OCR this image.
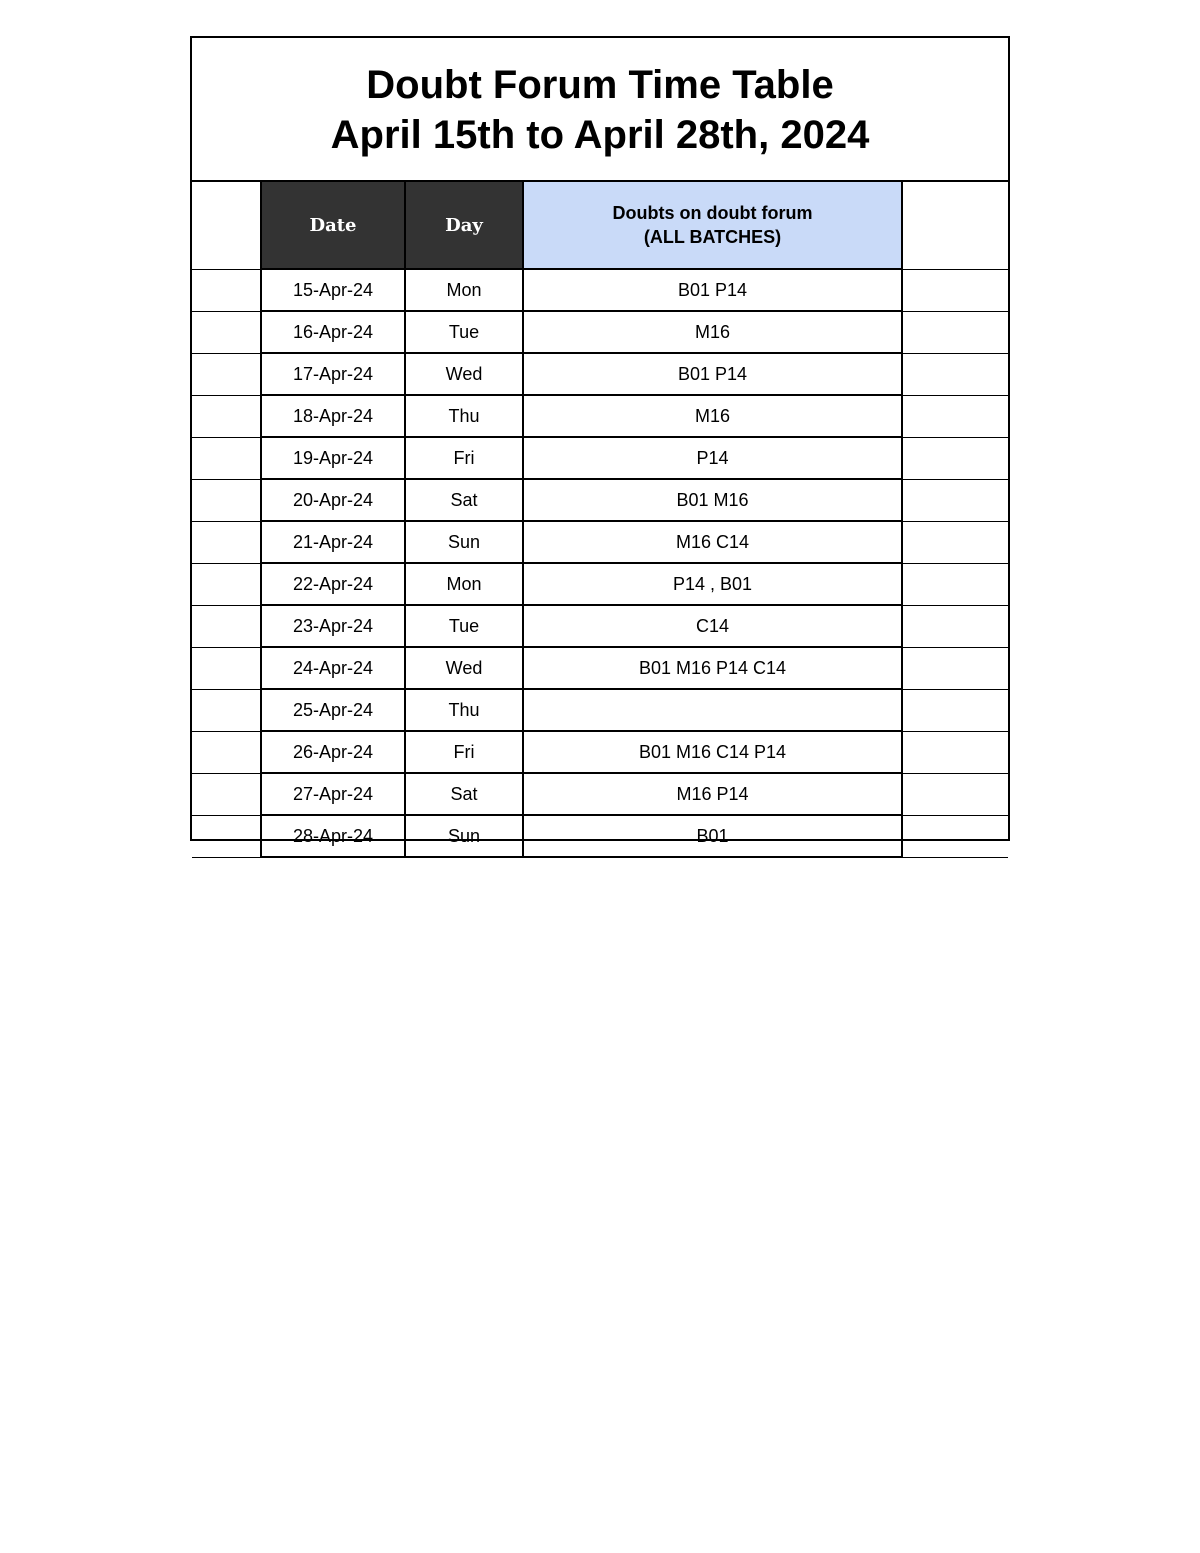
Doubt Forum Time Table
April 15th to April 28th, 2024
	Date	Day	Doubts on doubt forum
(ALL BATCHES)	

	15-Apr-24	Mon	B01 P14	
	16-Apr-24	Tue	M16	
	17-Apr-24	Wed	B01 P14	
	18-Apr-24	Thu	M16	
	19-Apr-24	Fri	P14	
	20-Apr-24	Sat	B01 M16	
	21-Apr-24	Sun	M16 C14	
	22-Apr-24	Mon	P14 , B01	
	23-Apr-24	Tue	C14	
	24-Apr-24	Wed	B01 M16 P14 C14	
	25-Apr-24	Thu		
	26-Apr-24	Fri	B01 M16 C14 P14	
	27-Apr-24	Sat	M16 P14	
	28-Apr-24	Sun	B01	
